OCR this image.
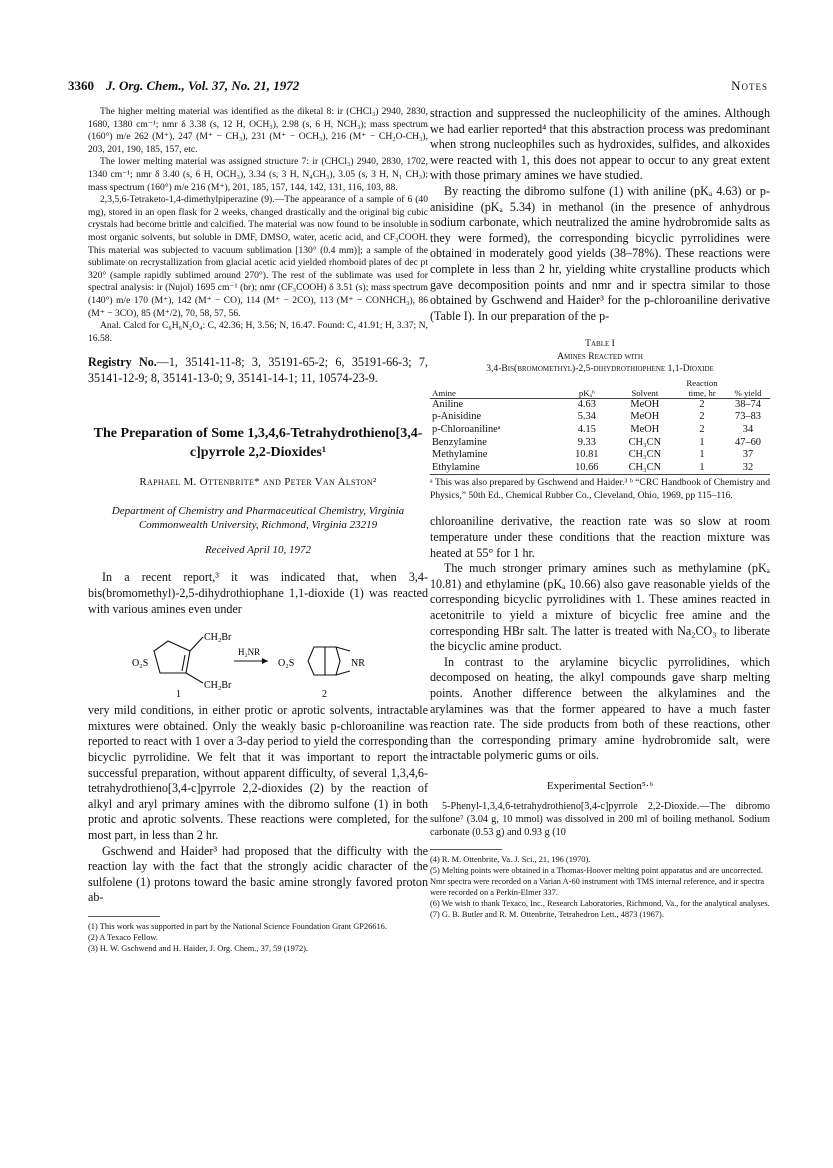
3360 J. Org. Chem., Vol. 37, No. 21, 1972	Notes

The higher melting material was identified as the diketal 8: ir (CHCl₃) 2940, 2830, 1680, 1380 cm⁻¹; nmr δ 3.38 (s, 12 H, OCH₃), 2.98 (s, 6 H, NCH₃); mass spectrum (160°) m/e 262 (M⁺), 247 (M⁺ − CH₃), 231 (M⁺ − OCH₃), 216 (M⁺ − CH₂O-CH₃), 203, 201, 190, 185, 157, etc.

The lower melting material was assigned structure 7: ir (CHCl₃) 2940, 2830, 1702, 1340 cm⁻¹; nmr δ 3.40 (s, 6 H, OCH₃), 3.34 (s, 3 H, N₄CH₃), 3.05 (s, 3 H, N₁ CH₃); mass spectrum (160°) m/e 216 (M⁺), 201, 185, 157, 144, 142, 131, 116, 103, 88.

2,3,5,6-Tetraketo-1,4-dimethylpiperazine (9).—The appearance of a sample of 6 (40 mg), stored in an open flask for 2 weeks, changed drastically and the original big cubic crystals had become brittle and calcified. The material was now found to be insoluble in most organic solvents, but soluble in DMF, DMSO, water, acetic acid, and CF₃COOH. This material was subjected to vacuum sublimation [130° (0.4 mm)]; a sample of the sublimate on recrystallization from glacial acetic acid yielded rhomboid plates of dec pt 320° (sample rapidly sublimed around 270°). The rest of the sublimate was used for spectral analysis: ir (Nujol) 1695 cm⁻¹ (br); nmr (CF₃COOH) δ 3.51 (s); mass spectrum (140°) m/e 170 (M⁺), 142 (M⁺ − CO), 114 (M⁺ − 2CO), 113 (M⁺ − CONHCH₃), 86 (M⁺ − 3CO), 85 (M⁺/2), 70, 58, 57, 56.

Anal. Calcd for C₆H₆N₂O₄: C, 42.36; H, 3.56; N, 16.47. Found: C, 41.91; H, 3.37; N, 16.58.

Registry No.—1, 35141-11-8; 3, 35191-65-2; 6, 35191-66-3; 7, 35141-12-9; 8, 35141-13-0; 9, 35141-14-1; 11, 10574-23-9.
The Preparation of Some 1,3,4,6-Tetrahydrothieno[3,4-c]pyrrole 2,2-Dioxides¹
Raphael M. Ottenbrite* and Peter Van Alston²
Department of Chemistry and Pharmaceutical Chemistry, Virginia Commonwealth University, Richmond, Virginia 23219
Received April 10, 1972

In a recent report,³ it was indicated that, when 3,4-bis(bromomethyl)-2,5-dihydrothiophane 1,1-dioxide (1) was reacted with various amines even under

CH₂Br
CH₂Br
O₂S
1
H₂NR
O₂S	NR
2

very mild conditions, in either protic or aprotic solvents, intractable mixtures were obtained. Only the weakly basic p-chloroaniline was reported to react with 1 over a 3-day period to yield the corresponding bicyclic pyrrolidine. We felt that it was important to report the successful preparation, without apparent difficulty, of several 1,3,4,6-tetrahydrothieno[3,4-c]pyrrole 2,2-dioxides (2) by the reaction of alkyl and aryl primary amines with the dibromo sulfone (1) in both protic and aprotic solvents. These reactions were completed, for the most part, in less than 2 hr.

Gschwend and Haider³ had proposed that the difficulty with the reaction lay with the fact that the strongly acidic character of the sulfolene (1) protons toward the basic amine strongly favored proton ab-

(1) This work was supported in part by the National Science Foundation Grant GP26616.

(2) A Texaco Fellow.

(3) H. W. Gschwend and H. Haider, J. Org. Chem., 37, 59 (1972).

straction and suppressed the nucleophilicity of the amines. Although we had earlier reported⁴ that this abstraction process was predominant when strong nucleophiles such as hydroxides, sulfides, and alkoxides were reacted with 1, this does not appear to occur to any great extent with those primary amines we have studied.

By reacting the dibromo sulfone (1) with aniline (pKₐ 4.63) or p-anisidine (pKₐ 5.34) in methanol (in the presence of anhydrous sodium carbonate, which neutralized the amine hydrobromide salts as they were formed), the corresponding bicyclic pyrrolidines were obtained in moderately good yields (38–78%). These reactions were complete in less than 2 hr, yielding white crystalline products which gave decomposition points and nmr and ir spectra similar to those obtained by Gschwend and Haider³ for the p-chloroaniline derivative (Table I). In our preparation of the p-

Table I
Amines Reacted with
3,4-Bis(bromomethyl)-2,5-dihydrothiophene 1,1-Dioxide
Amine	pKₐᵇ	Solvent	Reaction time, hr	% yield
Aniline	4.63	MeOH	2	38–74
p-Anisidine	5.34	MeOH	2	73–83
p-Chloroanilineᵃ	4.15	MeOH	2	34
Benzylamine	9.33	CH₃CN	1	47–60
Methylamine	10.81	CH₃CN	1	37
Ethylamine	10.66	CH₃CN	1	32
ᵃ This was also prepared by Gschwend and Haider.³ ᵇ “CRC Handbook of Chemistry and Physics,” 50th Ed., Chemical Rubber Co., Cleveland, Ohio, 1969, pp 115–116.

chloroaniline derivative, the reaction rate was so slow at room temperature under these conditions that the reaction mixture was heated at 55° for 1 hr.

The much stronger primary amines such as methylamine (pKₐ 10.81) and ethylamine (pKₐ 10.66) also gave reasonable yields of the corresponding bicyclic pyrrolidines with 1. These amines reacted in acetonitrile to yield a mixture of bicyclic free amine and the corresponding HBr salt. The latter is treated with Na₂CO₃ to liberate the bicyclic amine product.

In contrast to the arylamine bicyclic pyrrolidines, which decomposed on heating, the alkyl compounds gave sharp melting points. Another difference between the alkylamines and the arylamines was that the former appeared to have a much faster reaction rate. The side products from both of these reactions, other than the corresponding primary amine hydrobromide salt, were intractable polymeric gums or oils.

Experimental Section⁵·⁶

5-Phenyl-1,3,4,6-tetrahydrothieno[3,4-c]pyrrole 2,2-Dioxide.—The dibromo sulfone⁷ (3.04 g, 10 mmol) was dissolved in 200 ml of boiling methanol. Sodium carbonate (0.53 g) and 0.93 g (10

(4) R. M. Ottenbrite, Va. J. Sci., 21, 196 (1970).

(5) Melting points were obtained in a Thomas-Hoover melting point apparatus and are uncorrected. Nmr spectra were recorded on a Varian A-60 instrument with TMS internal reference, and ir spectra were recorded on a Perkin-Elmer 337.

(6) We wish to thank Texaco, Inc., Research Laboratories, Richmond, Va., for the analytical analyses.

(7) G. B. Butler and R. M. Ottenbrite, Tetrahedron Lett., 4873 (1967).
